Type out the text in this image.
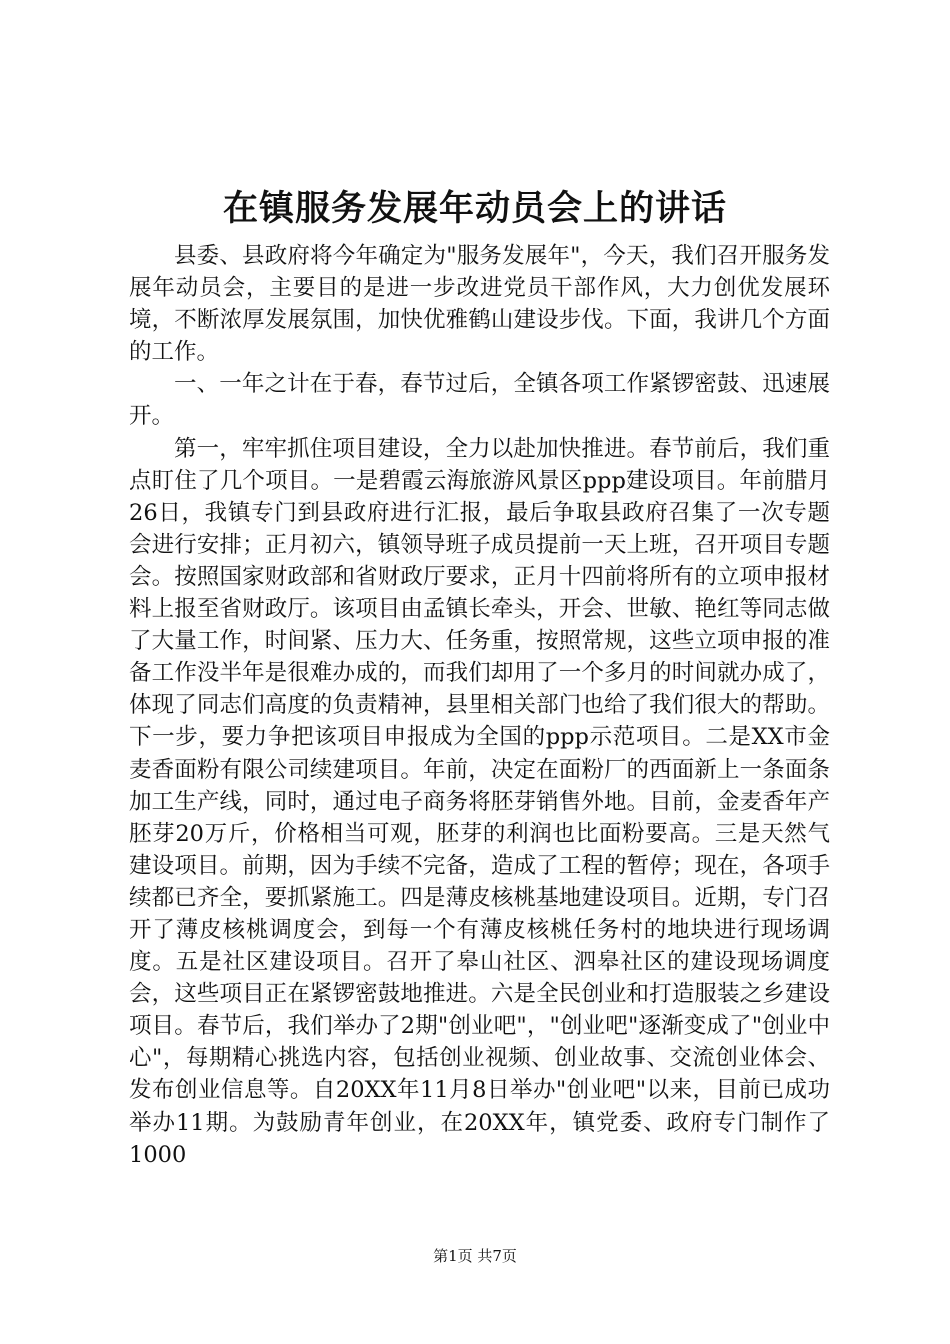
在镇服务发展年动员会上的讲话

县委、县政府将今年确定为"服务发展年"，今天，我们召开服务发展年动员会，主要目的是进一步改进党员干部作风，大力创优发展环境，不断浓厚发展氛围，加快优雅鹤山建设步伐。下面，我讲几个方面的工作。

一、一年之计在于春，春节过后，全镇各项工作紧锣密鼓、迅速展开。

第一，牢牢抓住项目建设，全力以赴加快推进。春节前后，我们重点盯住了几个项目。一是碧霞云海旅游风景区ppp建设项目。年前腊月26日，我镇专门到县政府进行汇报，最后争取县政府召集了一次专题会进行安排；正月初六，镇领导班子成员提前一天上班，召开项目专题会。按照国家财政部和省财政厅要求，正月十四前将所有的立项申报材料上报至省财政厅。该项目由孟镇长牵头，开会、世敏、艳红等同志做了大量工作，时间紧、压力大、任务重，按照常规，这些立项申报的准备工作没半年是很难办成的，而我们却用了一个多月的时间就办成了，体现了同志们高度的负责精神，县里相关部门也给了我们很大的帮助。下一步，要力争把该项目申报成为全国的ppp示范项目。二是XX市金麦香面粉有限公司续建项目。年前，决定在面粉厂的西面新上一条面条加工生产线，同时，通过电子商务将胚芽销售外地。目前，金麦香年产胚芽20万斤，价格相当可观，胚芽的利润也比面粉要高。三是天然气建设项目。前期，因为手续不完备，造成了工程的暂停；现在，各项手续都已齐全，要抓紧施工。四是薄皮核桃基地建设项目。近期，专门召开了薄皮核桃调度会，到每一个有薄皮核桃任务村的地块进行现场调度。五是社区建设项目。召开了皋山社区、泗皋社区的建设现场调度会，这些项目正在紧锣密鼓地推进。六是全民创业和打造服装之乡建设项目。春节后，我们举办了2期"创业吧"，"创业吧"逐渐变成了"创业中心"，每期精心挑选内容，包括创业视频、创业故事、交流创业体会、发布创业信息等。自20XX年11月8日举办"创业吧"以来，目前已成功举办11期。为鼓励青年创业，在20XX年，镇党委、政府专门制作了1000

第1页 共7页
